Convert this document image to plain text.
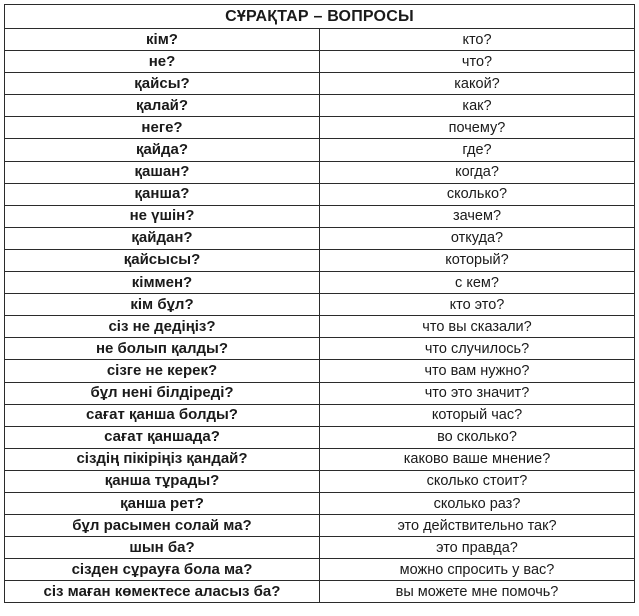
СҰРАҚТАР – ВОПРОСЫ	
кім?	кто?
не?	что?
қайсы?	какой?
қалай?	как?
неге?	почему?
қайда?	где?
қашан?	когда?
қанша?	сколько?
не үшін?	зачем?
қайдан?	откуда?
қайсысы?	который?
кіммен?	с кем?
кім бұл?	кто это?
сіз не дедіңіз?	что вы сказали?
не болып қалды?	что случилось?
сізге не керек?	что вам нужно?
бұл нені білдіреді?	что это значит?
сағат қанша болды?	который час?
сағат қаншада?	во сколько?
сіздің пікіріңіз қандай?	каково ваше мнение?
қанша тұрады?	сколько стоит?
қанша рет?	сколько раз?
бұл расымен солай ма?	это действительно так?
шын ба?	это правда?
сізден сұрауға бола ма?	можно спросить у вас?
сіз маған көмектесе аласыз ба?	вы можете мне помочь?
